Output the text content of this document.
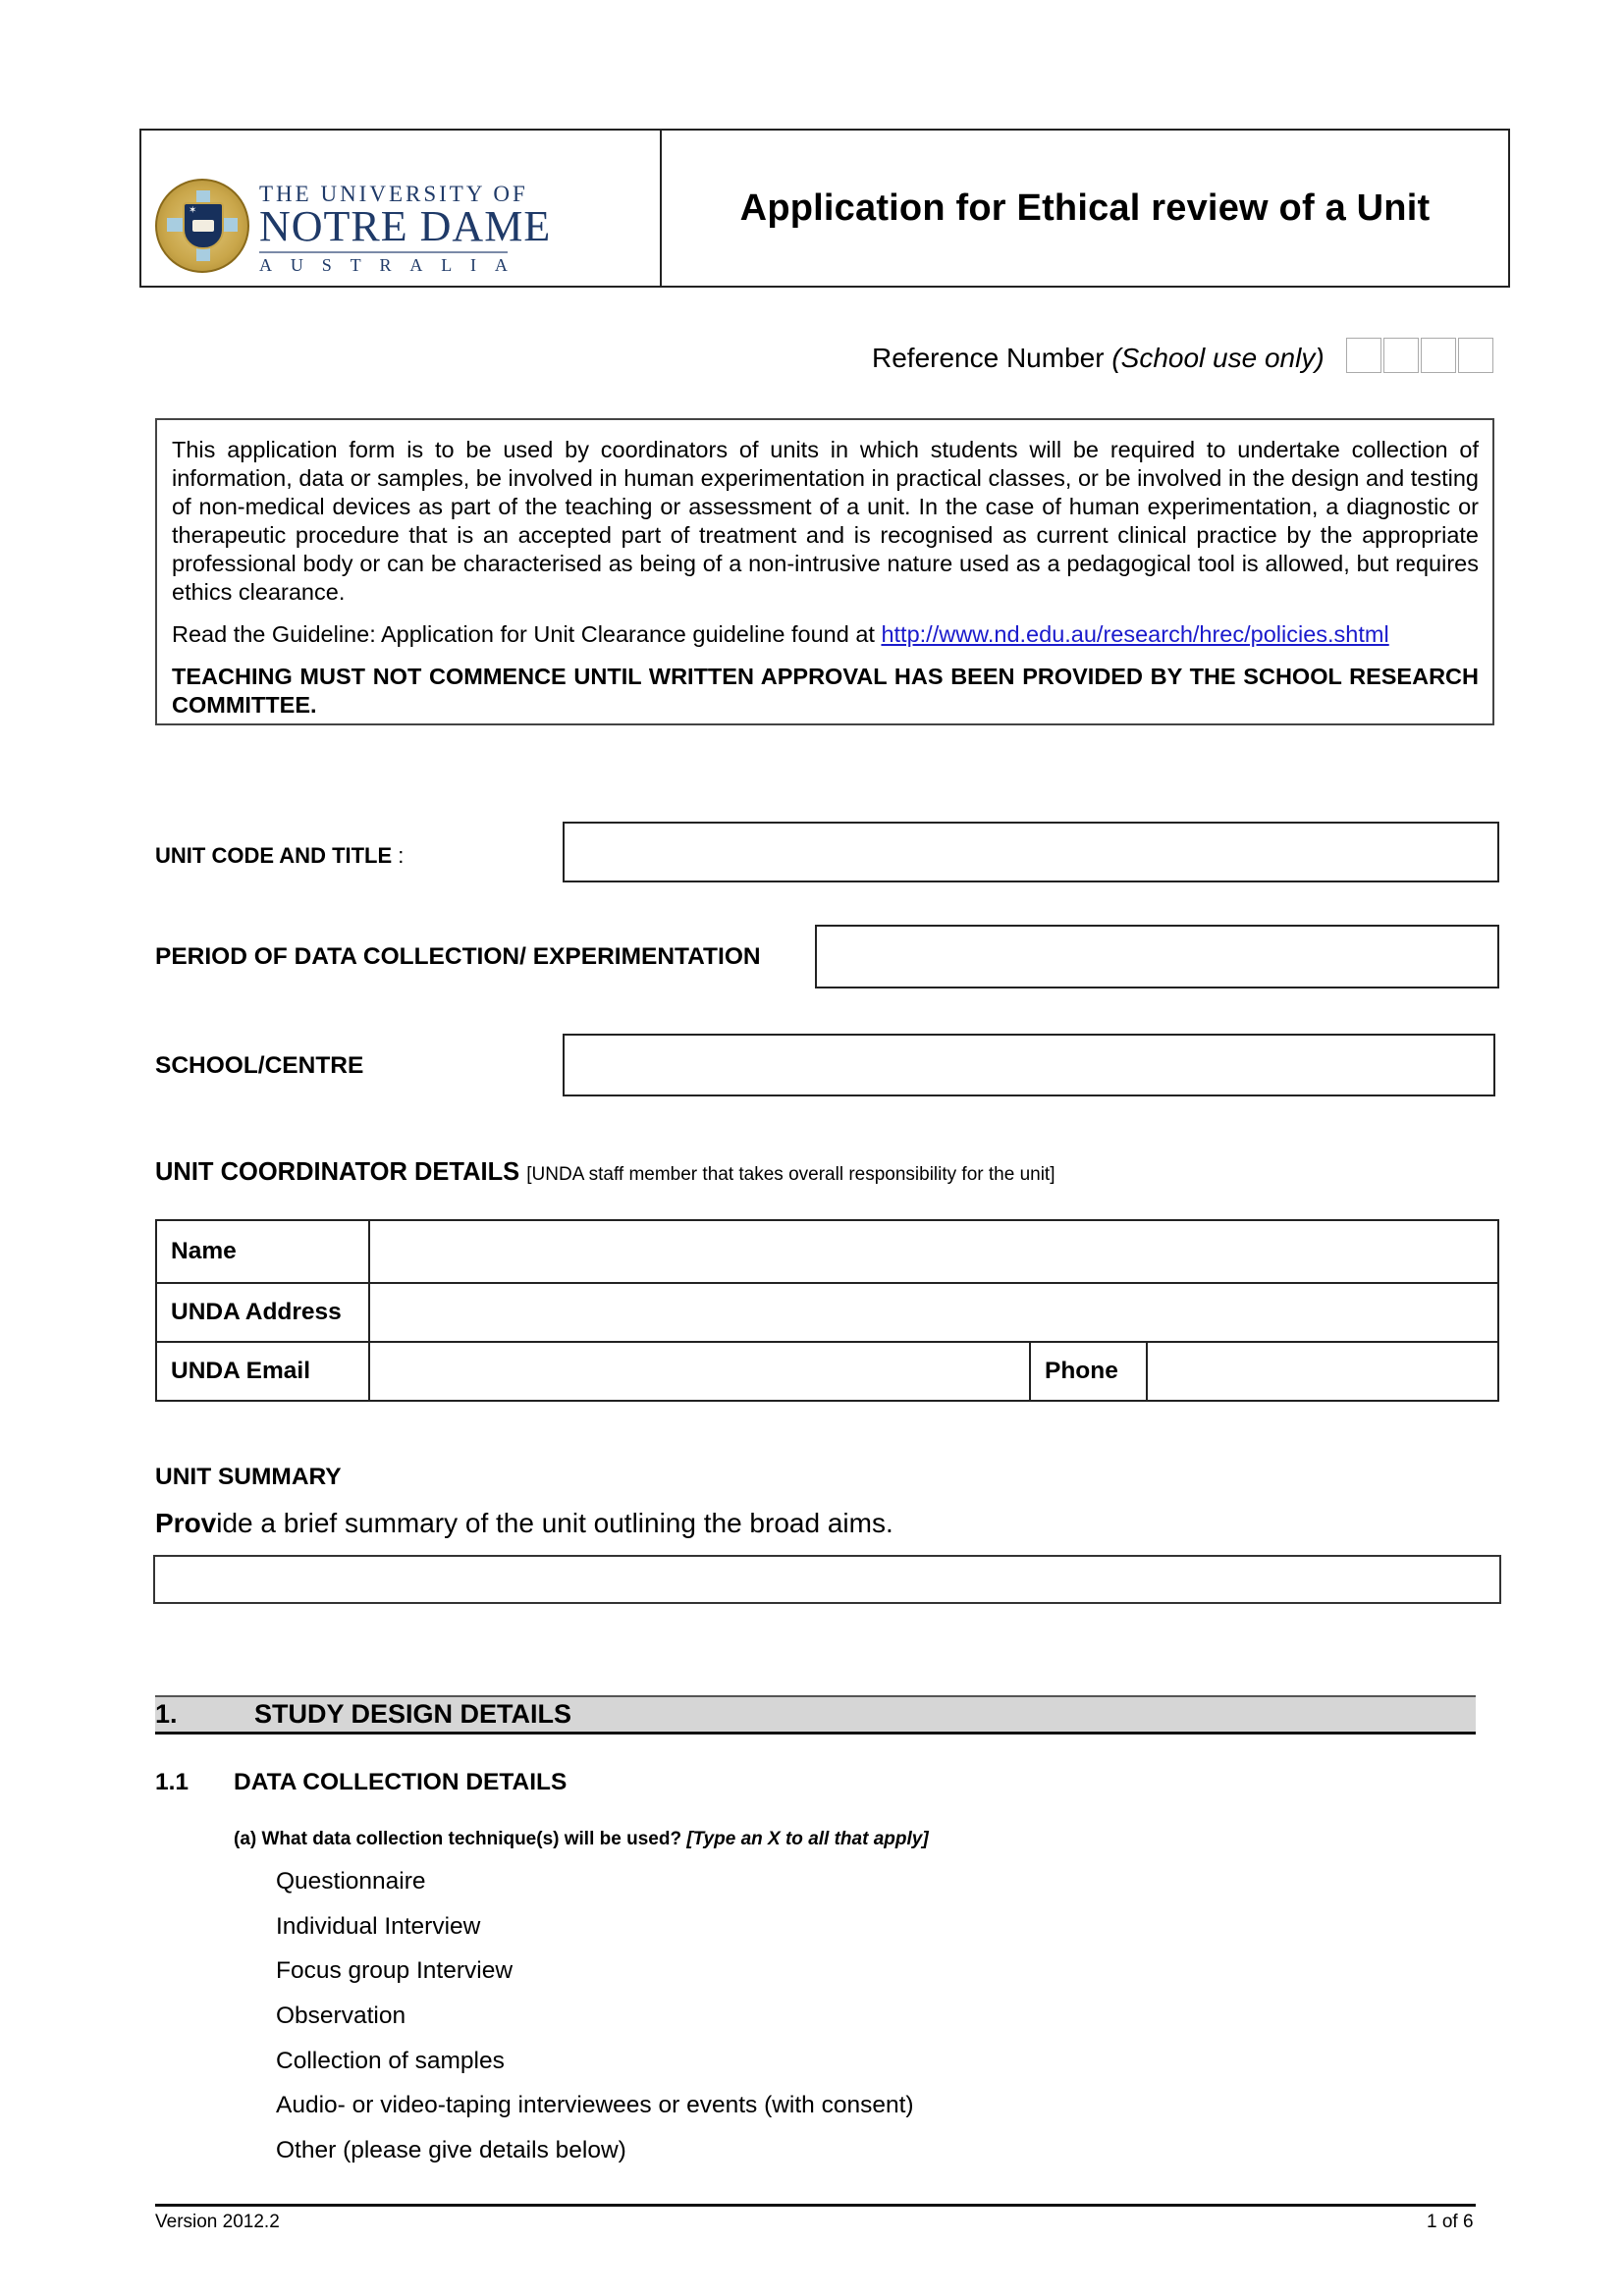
✶
THE UNIVERSITY OF
NOTRE DAME
A U S T R A L I A
Application for Ethical review of a Unit
Reference Number (School use only)

This application form is to be used by coordinators of units in which students will be required to undertake collection of information, data or samples, be involved in human experimentation in practical classes, or be involved in the design and testing of non-medical devices as part of the teaching or assessment of a unit. In the case of human experimentation, a diagnostic or therapeutic procedure that is an accepted part of treatment and is recognised as current clinical practice by the appropriate professional body or can be characterised as being of a non-intrusive nature used as a pedagogical tool is allowed, but requires ethics clearance.

Read the Guideline: Application for Unit Clearance guideline found at http://www.nd.edu.au/research/hrec/policies.shtml

TEACHING MUST NOT COMMENCE UNTIL WRITTEN APPROVAL HAS BEEN PROVIDED BY THE SCHOOL RESEARCH COMMITTEE.

UNIT CODE AND TITLE :
PERIOD OF DATA COLLECTION/ EXPERIMENTATION
SCHOOL/CENTRE
UNIT COORDINATOR DETAILS [UNDA staff member that takes overall responsibility for the unit]
Name			
UNDA Address			
UNDA Email		Phone	
UNIT SUMMARY
Provide a brief summary of the unit outlining the broad aims.
1.	STUDY DESIGN DETAILS
1.1 DATA COLLECTION DETAILS
(a) What data collection technique(s) will be used? [Type an X to all that apply]
Questionnaire
Individual Interview
Focus group Interview
Observation
Collection of samples
Audio- or video-taping interviewees or events (with consent)
Other (please give details below)
Version 2012.2	1 of 6
